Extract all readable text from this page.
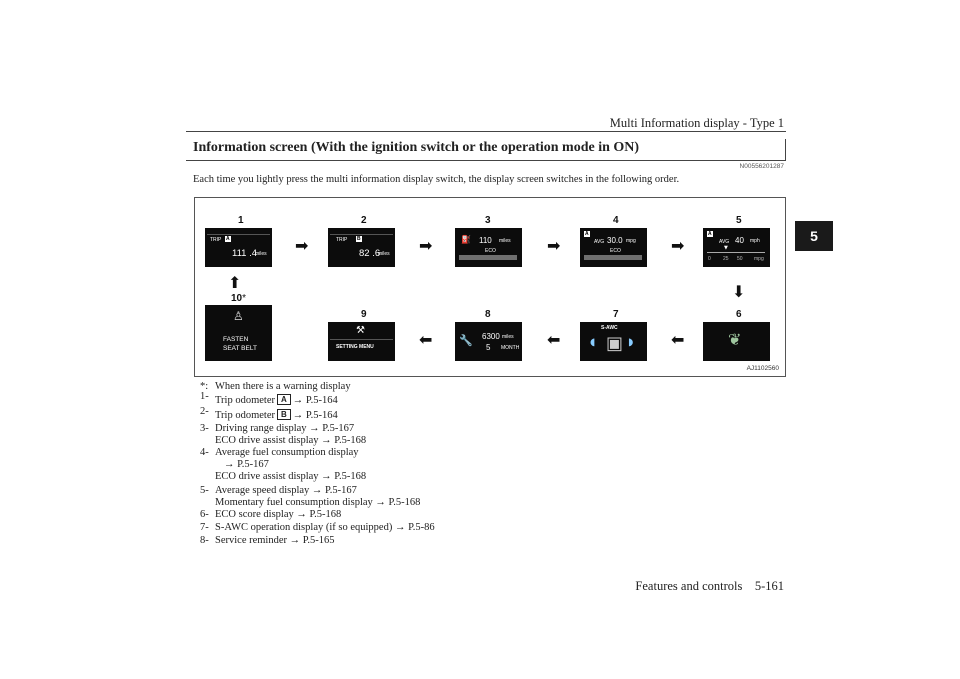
Multi Information display - Type 1
Information screen (With the ignition switch or the operation mode in ON)
N00556201287
Each time you lightly press the multi information display switch, the display screen switches in the following order.
5
1
TRIP A
111 .4
miles ➡
2
TRIP B
82 .6
miles ➡
3
⛽ 110 miles
ECO	➡
4
A
AVG 30.0 mpg
ECO	➡
5
A
AVG 40 mph
▼
0 25 50 mpg
⬇
6
❦
7
S-AWC
▣
◖	◗ ⬅
8
🔧 6300 miles
5 MONTH ⬅
9
⚒
SETTING MENU	⬅
⬆
10*
♙
FASTEN
SEAT BELT
AJ1102560
*: When there is a warning display
1- Trip odometer A → P.5-164
2- Trip odometer B → P.5-164
3- Driving range display → P.5-167
ECO drive assist display → P.5-168
4- Average fuel consumption display
→ P.5-167
ECO drive assist display → P.5-168
5- Average speed display → P.5-167
Momentary fuel consumption display → P.5-168
6- ECO score display → P.5-168
7- S-AWC operation display (if so equipped) → P.5-86
8- Service reminder → P.5-165
Features and controls    5-161
